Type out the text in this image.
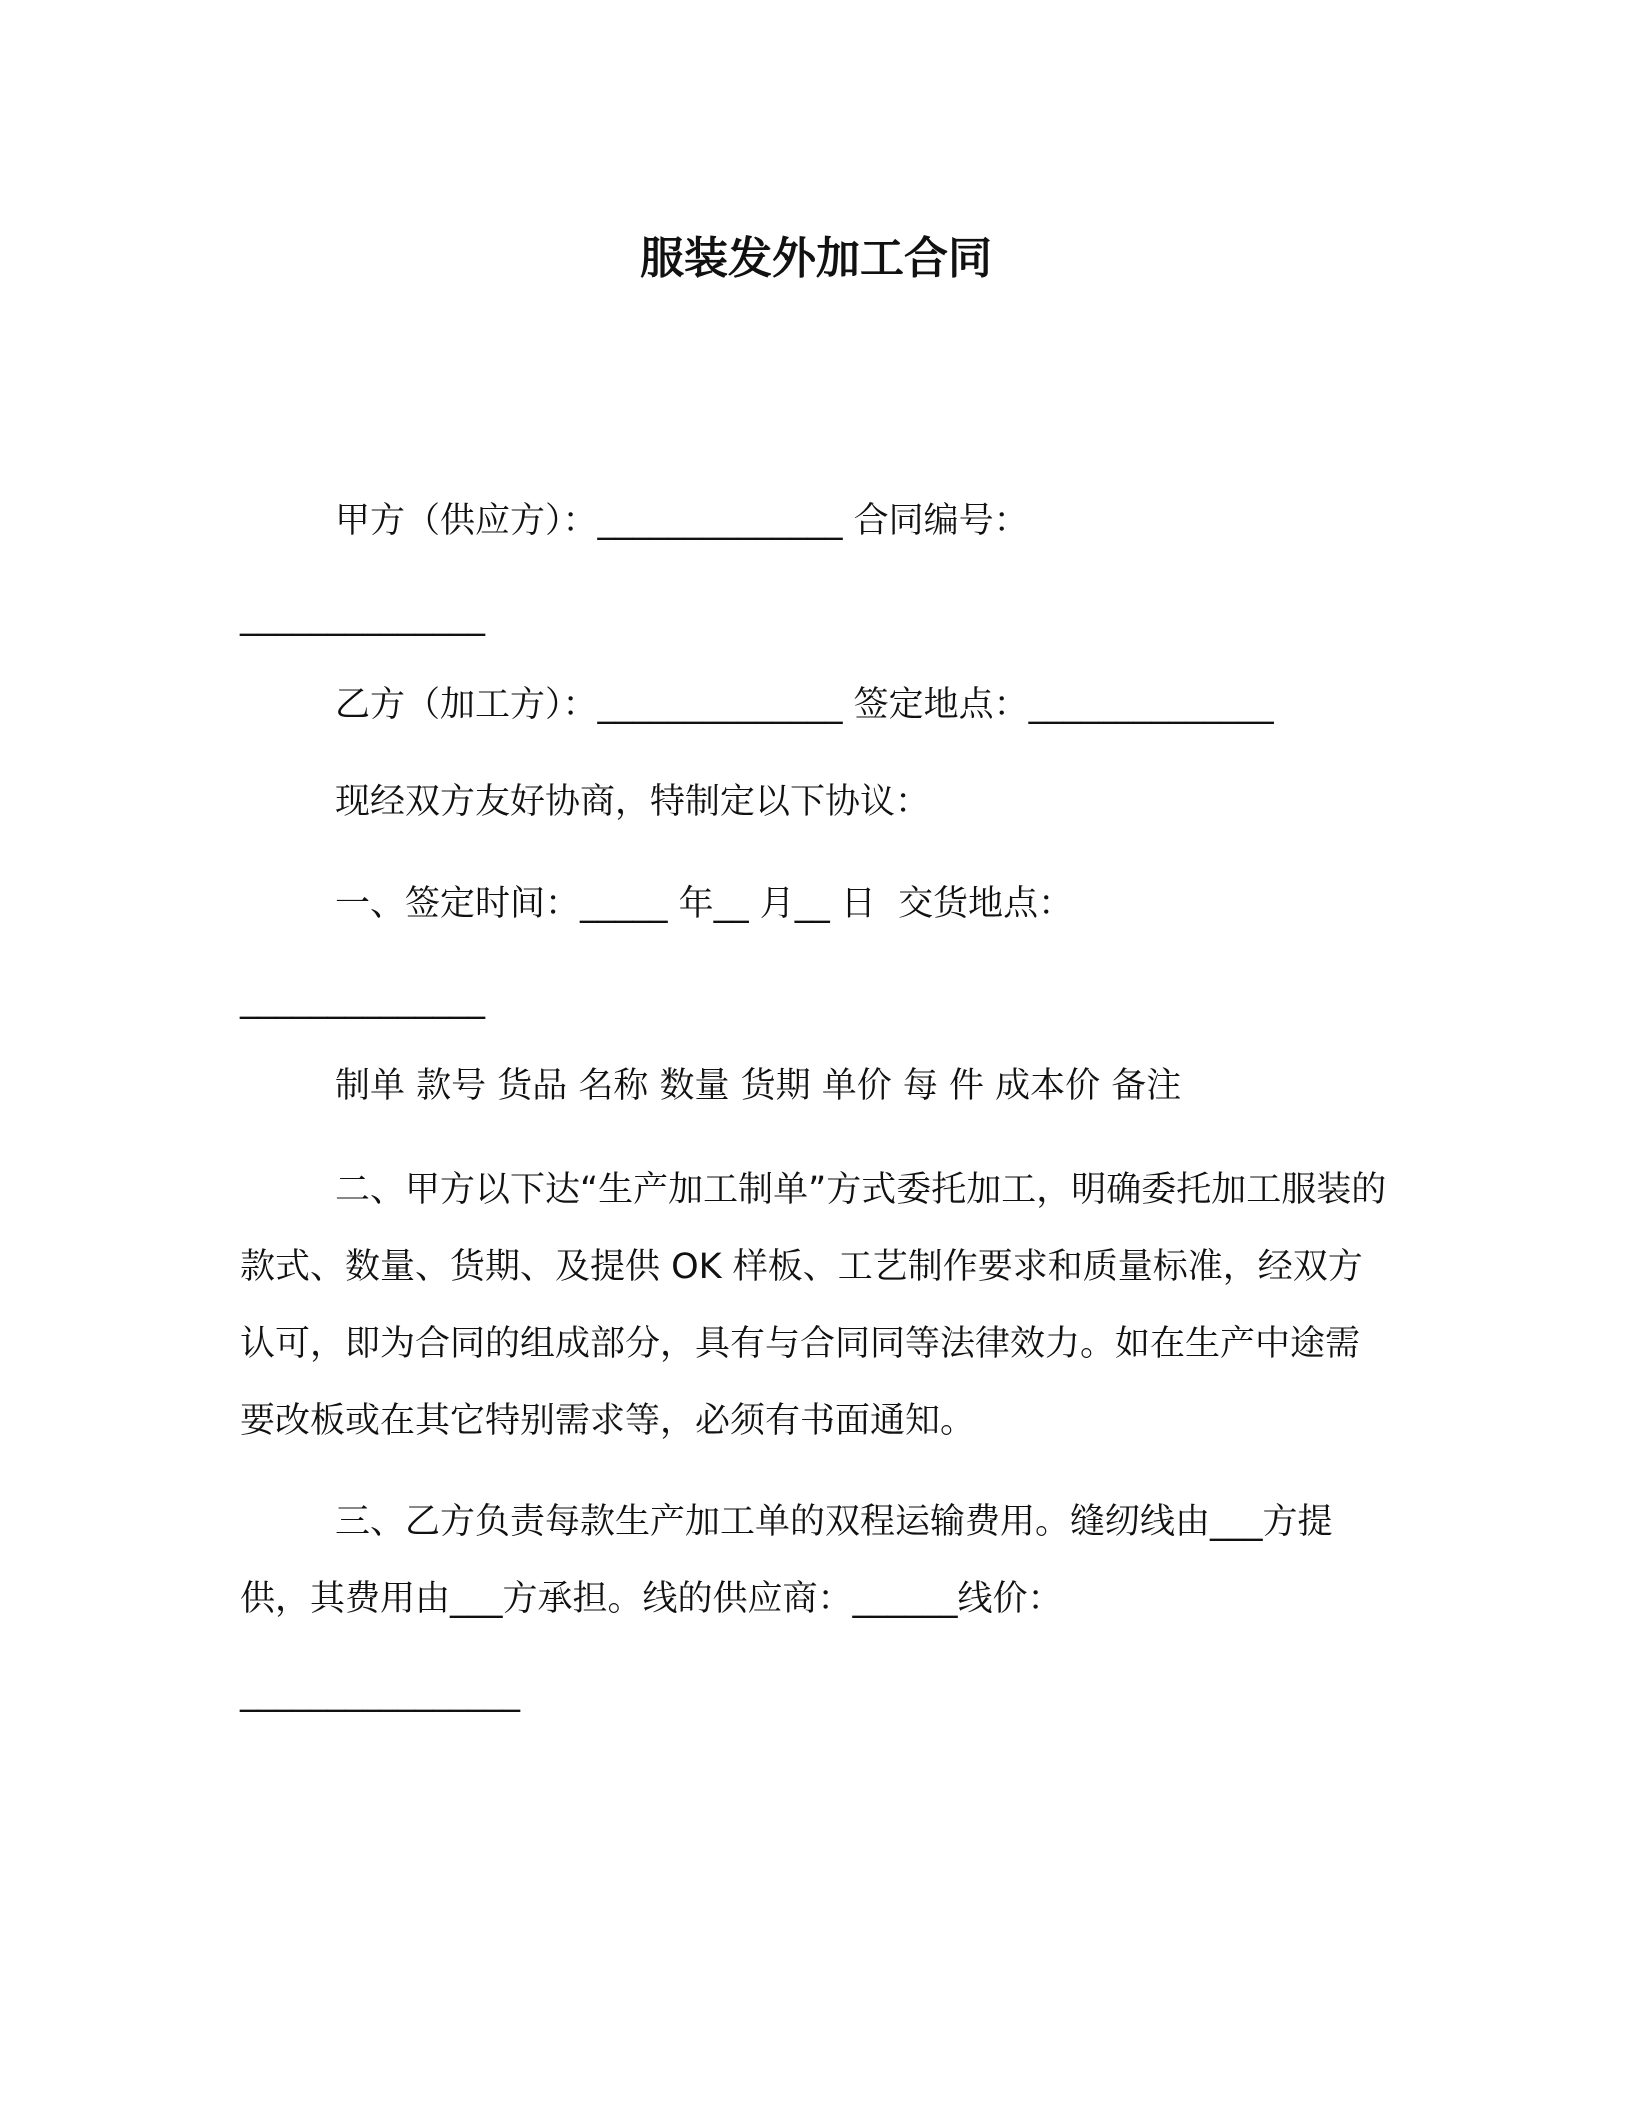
服装发外加工合同
甲方（供应方）：______________ 合同编号：
______________
乙方（加工方）：______________ 签定地点：______________
现经双方友好协商，特制定以下协议：
一、签定时间：_____ 年__ 月__ 日  交货地点：
______________
制单 款号 货品 名称 数量 货期 单价 每 件 成本价 备注
二、甲方以下达“生产加工制单”方式委托加工，明确委托加工服装的款式、数量、货期、及提供 OK 样板、工艺制作要求和质量标准，经双方认可，即为合同的组成部分，具有与合同同等法律效力。如在生产中途需要改板或在其它特别需求等，必须有书面通知。
三、乙方负责每款生产加工单的双程运输费用。缝纫线由___方提供，其费用由___方承担。线的供应商：______线价：
________________
